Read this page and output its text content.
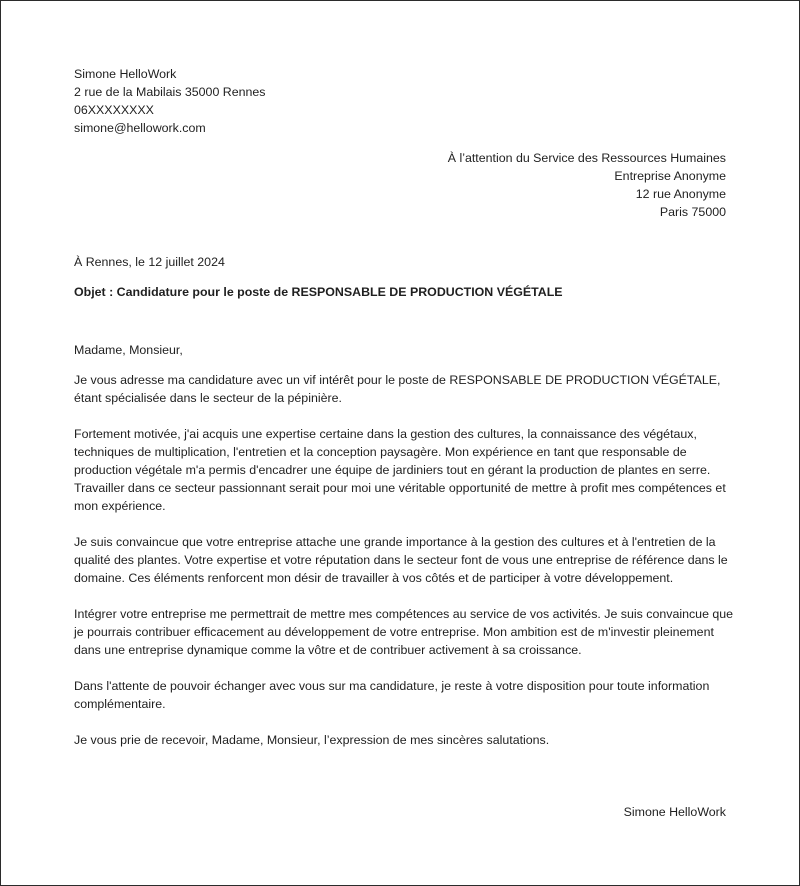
Simone HelloWork
2 rue de la Mabilais 35000 Rennes
06XXXXXXXX
simone@hellowork.com
À l’attention du Service des Ressources Humaines
Entreprise Anonyme
12 rue Anonyme
Paris 75000
À Rennes, le 12 juillet 2024
Objet : Candidature pour le poste de RESPONSABLE DE PRODUCTION VÉGÉTALE
Madame, Monsieur,

Je vous adresse ma candidature avec un vif intérêt pour le poste de RESPONSABLE DE PRODUCTION VÉGÉTALE, étant spécialisée dans le secteur de la pépinière.

Fortement motivée, j'ai acquis une expertise certaine dans la gestion des cultures, la connaissance des végétaux, techniques de multiplication, l'entretien et la conception paysagère. Mon expérience en tant que responsable de production végétale m'a permis d'encadrer une équipe de jardiniers tout en gérant la production de plantes en serre. Travailler dans ce secteur passionnant serait pour moi une véritable opportunité de mettre à profit mes compétences et mon expérience.

Je suis convaincue que votre entreprise attache une grande importance à la gestion des cultures et à l'entretien de la qualité des plantes. Votre expertise et votre réputation dans le secteur font de vous une entreprise de référence dans le domaine. Ces éléments renforcent mon désir de travailler à vos côtés et de participer à votre développement.

Intégrer votre entreprise me permettrait de mettre mes compétences au service de vos activités. Je suis convaincue que je pourrais contribuer efficacement au développement de votre entreprise. Mon ambition est de m'investir pleinement dans une entreprise dynamique comme la vôtre et de contribuer activement à sa croissance.

Dans l'attente de pouvoir échanger avec vous sur ma candidature, je reste à votre disposition pour toute information complémentaire.

Je vous prie de recevoir, Madame, Monsieur, l’expression de mes sincères salutations.

Simone HelloWork
